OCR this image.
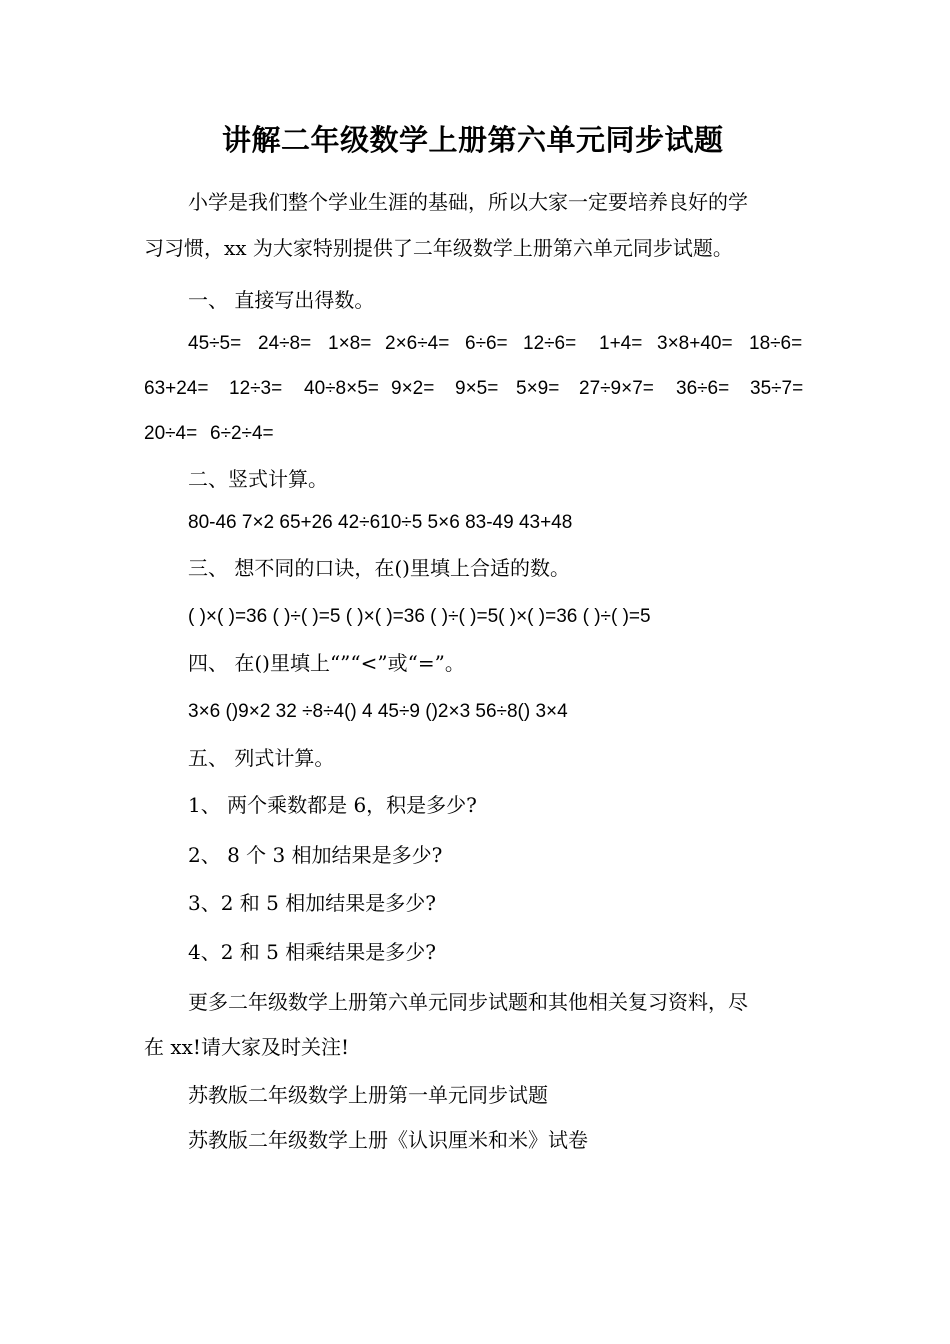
讲解二年级数学上册第六单元同步试题
小学是我们整个学业生涯的基础，所以大家一定要培养良好的学
习习惯，xx 为大家特别提供了二年级数学上册第六单元同步试题。
一、 直接写出得数。
45÷5= 24÷8= 1×8= 2×6÷4= 6÷6= 12÷6= 1+4= 3×8+40= 18÷6=
63+24= 12÷3= 40÷8×5= 9×2= 9×5= 5×9= 27÷9×7= 36÷6= 35÷7=
20÷4= 6÷2÷4=
二、竖式计算。
80-46 7×2 65+26 42÷610÷5 5×6 83-49 43+48
三、 想不同的口诀，在()里填上合适的数。
( )×( )=36 ( )÷( )=5 ( )×( )=36 ( )÷( )=5( )×( )=36 ( )÷( )=5
四、 在()里填上“”“<”或“=”。
3×6 ()9×2 32 ÷8÷4() 4 45÷9 ()2×3 56÷8() 3×4
五、 列式计算。
1、 两个乘数都是 6，积是多少?
2、 8 个 3 相加结果是多少?
3、2 和 5 相加结果是多少?
4、2 和 5 相乘结果是多少?
更多二年级数学上册第六单元同步试题和其他相关复习资料，尽
在 xx!请大家及时关注!
苏教版二年级数学上册第一单元同步试题
苏教版二年级数学上册《认识厘米和米》试卷
